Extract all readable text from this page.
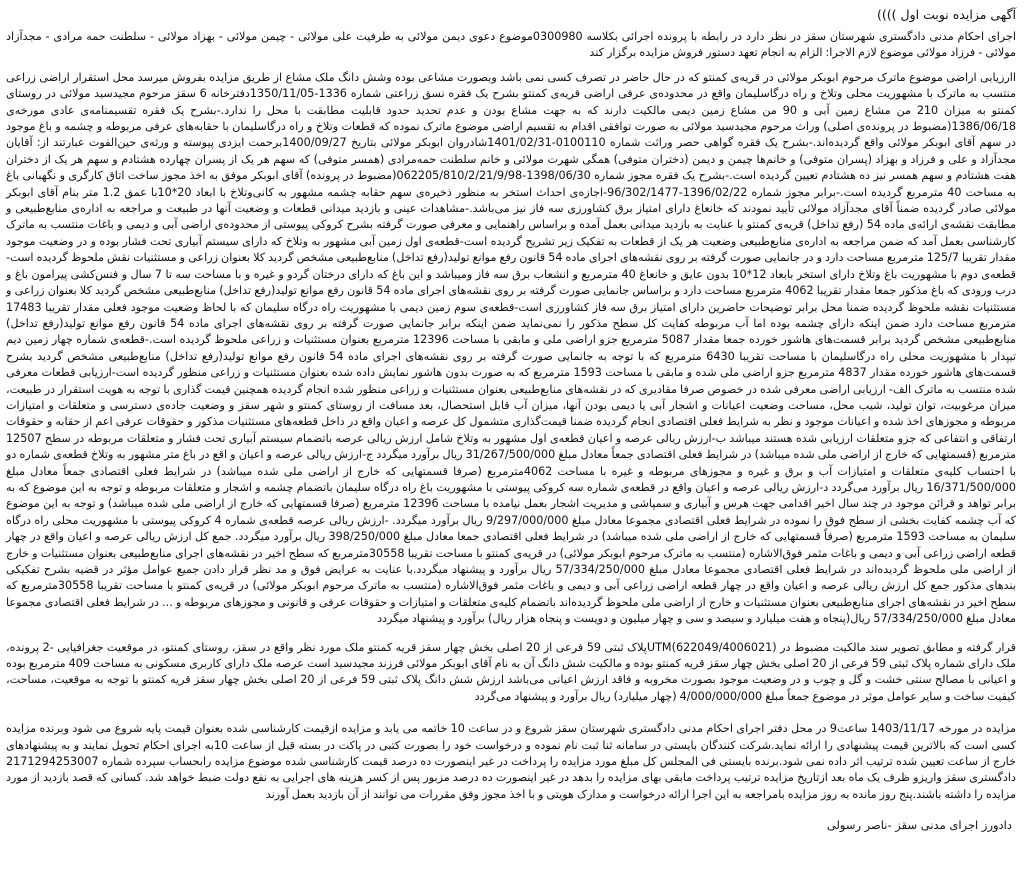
آگهی مزایده نوبت اول ))))

اجرای احکام مدنی دادگستری شهرستان سقز در نظر دارد در رابطه با پرونده اجرائی بکلاسه 0300980موضوع دعوی دیمن مولائی به طرفیت علی مولائی - چیمن مولائی - بهزاد مولائی - سلطنت حمه مرادی - مجدآزاد مولائی - فرزاد مولائی موضوع لازم الاجرا: الزام به انجام تعهد دستور فروش مزایده برگزار کند

اارزیابی اراضی موضوع ماترک مرحوم ابوبکر مولائی در قریه‌ی کمنتو که در حال حاضر در تصرف کسی نمی باشد وبصورت مشاعی بوده وشش دانگ ملک مشاع از طریق مزایده بفروش میرسد محل استقرار اراضی زراعی منتسب به ماترک با مشهوریت محلی وتلاخ و راه درگاسلیمان واقع در محدوده‌ی عرفی اراضی قریه‌ی کمنتو بشرح یک فقره نسق زراعتی شماره 1336-1350/11/05دفترخانه 6 سقز مرحوم مجیدسید مولائی در روستای کمنتو به میزان 210 من مشاع زمین آبی و 90 من مشاع زمین دیمی مالکیت دارند که به جهت مشاع بودن و عدم تحدید حدود قابلیت مطابقت با محل را ندارد.-بشرح یک فقره تقسیمنامه‌ی عادی مورخه‌ی 1386/06/18(مضبوط در پرونده‌ی اصلی) وراث مرحوم مجیدسید مولائی به صورت توافقی اقدام به تقسیم اراضی موضوع ماترک نموده که قطعات وتلاخ و راه درگاسلیمان با حقابه‌های عرفی مربوطه و چشمه و باغ موجود در سهم آقای ابوبکر مولائی واقع گردیده‌اند.-بشرح یک فقره گواهی حصر وراثت شماره 0100110-1401/02/31شادروان ابوبکر مولائی بتاریخ 1400/09/27برحمت ایزدی پیوسته و ورثه‌ی حین‌الفوت عبارتند از: آقایان مجدآزاد و علی و فرزاد و بهزاد (پسران متوفی) و خانم‌ها چیمن و دیمن (دختران متوفی) همگی شهرت مولائی و خانم سلطنت حمه‌مرادی (همسر متوفی) که سهم هر یک از پسران چهارده هشتادم و سهم هر یک از دختران هفت هشتادم و سهم همسر نیز ده هشتادم تعیین گردیده است.-بشرح یک فقره مجوز شماره 1398/06/30-062205/810/2/21/9/98(مضبوط در پرونده) آقای ابوبکر موفق به اخذ مجوز ساخت اتاق کارگری و نگهبانی باغ به مساحت 40 مترمربع گردیده است.-برابر مجوز شماره 1396/02/22-96/302/1477-اجازه‌ی احداث استخر به منظور ذخیره‌ی سهم حقابه چشمه مشهور به کانی‌وتلاخ با ابعاد 20*10با عمق 1.2 متر بنام آقای ابوبکر مولائی صادر گردیده ضمناً آقای مجدآزاد مولائی تأیید نمودند که خانعاغ دارای امتیاز برق کشاورزی سه فاز نیز می‌باشد.-مشاهدات عینی و بازدید میدانی قطعات و وضعیت آنها در طبیعت و مراجعه به اداره‌ی منابع‌طبیعی و مطابقت نقشه‌ی ارائه‌ی ماده 54 (رفع تداخل) قریه‌ی کمنتو با عنایت به بازدید میدانی بعمل آمده و براساس راهنمایی و معرفی صورت گرفته بشرح کروکی پیوستی از محدوده‌ی اراضی آبی و دیمی و باغات منتسب به ماترک کارشناسی بعمل آمد که ضمن مراجعه به اداره‌ی منابع‌طبیعی وضعیت هر یک از قطعات به تفکیک زیر تشریح گردیده است-قطعه‌ی اول زمین آبی مشهور به وتلاخ که دارای سیستم آبیاری تحت فشار بوده و در وضعیت موجود مقدار تقریبا 125/7 مترمربع مساحت دارد و در جانمایی صورت گرفته بر روی نقشه‌های اجرای ماده 54 قانون رفع موانع تولید(رفع تداخل) منابع‌طبیعی مشخص گردید کلا بعنوان زراعی و مستثنیات نقش ملحوظ گردیده است-قطعه‌ی دوم با مشهوریت باغ وتلاخ دارای استخر بابعاد 12*10 بدون عایق و خانعاغ 40 مترمربع و انشعاب برق سه فاز ومیباشد و این باغ که دارای درختان گردو و غیره و با مساحت سه تا 7 سال و فنس‌کشی پیرامون باغ و درب ورودی که باغ مذکور جمعا مقدار تقریبا 4062 مترمربع مساحت دارد و براساس جانمایی صورت گرفته بر روی نقشه‌های اجرای ماده 54 قانون رفع موانع تولید(رفع تداخل) منابع‌طبیعی مشخص گردید کلا بعنوان زراعی و مستثنیات نقشه ملحوظ گردیده ضمنا محل برابر توضیحات حاضرین دارای امتیاز برق سه فاز کشاورزی است-قطعه‌ی سوم زمین دیمی با مشهوریت راه درگاه سلیمان که با لحاظ وضعیت موجود فعلی مقدار تقریبا 17483 مترمربع مساحت دارد ضمن اینکه دارای چشمه بوده اما آب مربوطه کفایت کل سطح مذکور را نمی‌نماید ضمن اینکه برابر جانمایی صورت گرفته بر روی نقشه‌های اجرای ماده 54 قانون رفع موانع تولید(رفع تداخل) منابع‌طبیعی مشخص گردید برابر قسمت‌های هاشور خورده جمعا مقدار 5087 مترمربع جزو اراضی ملی و مابقی با مساحت 12396 مترمربع بعنوان مستثنیات و زراعی ملحوظ گردیده است.-قطعه‌ی شماره چهار زمین دیم تیپدار با مشهوریت محلی راه درگاسلیمان با مساحت تقریبا 6430 مترمربع که با توجه به جانمایی صورت گرفته بر روی نقشه‌های اجرای ماده 54 قانون رفع موانع تولید(رفع تداخل) منابع‌طبیعی مشخص گردید بشرح قسمت‌های هاشور خورده مقدار 4837 مترمربع جزو اراضی ملی شده و مابقی با مساحت 1593 مترمربع که به صورت بدون هاشور نمایش داده شده بعنوان مستثنیات و زراعی منظور گردیده است-ارزیابی قطعات معرفی شده منتسب به ماترک الف- ارزیابی اراضی معرفی شده در خصوص صرفا مقادیری که در نقشه‌های منابع‌طبیعی بعنوان مستثنیات و زراعی منظور شده انجام گردیده همچنین قیمت گذاری با توجه به هویت استقرار در طبیعت، میزان مرغوبیت، توان تولید، شیب محل، مساحت وضعیت اعیانات و اشجار آبی یا دیمی بودن آنها، میزان آب قابل استحصال، بعد مسافت از روستای کمنتو و شهر سقز و وضعیت جاده‌ی دسترسی و متعلقات و امتیازات مربوطه و مجوزهای اخذ شده و اعیانات موجود و نظر به شرایط فعلی اقتصادی انجام گردیده ضمنا قیمت‌گذاری متشمول کل عرصه و اعیان واقع در داخل قطعه‌های مستثنیات مذکور و حقوقات عرفی اعم از حقابه و حقوقات ارتفاقی و انتفاعی که جزو متعلقات ارزیابی شده هستند میباشد ب-ارزش ریالی عرصه و اعیان قطعه‌ی اول مشهور به وتلاخ شامل ارزش ریالی عرصه باتضمام سیستم آبیاری تحت فشار و متعلقات مربوطه در سطح 12507 مترمربع (قسمتهایی که خارج از اراضی ملی شده میباشد) در شرایط فعلی اقتصادی جمعاً معادل مبلغ 31/267/500/000 ریال برآورد میگردد ج-ارزش ریالی عرصه و اعیان و اقع در باغ متر مشهور به وتلاخ قطعه‌ی شماره دو با احتساب کلیه‌ی متعلقات و امتیازات آب و برق و غیره و مجوزهای مربوطه و غیره با مساحت 4062مترمربع (صرفا قسمتهایی که خارج از اراضی ملی شده میباشد) در شرایط فعلی اقتصادی جمعاً معادل مبلغ 16/371/500/000 ریال برآورد می‌گردد د-ارزش ریالی عرصه و اعیان واقع در قطعه‌ی شماره سه کروکی پیوستی با مشهوریت باغ راه درگاه سلیمان باتضمام چشمه و اشجار و متعلقات مربوطه و توجه به این موضوع که به برابر تواهد و قرائن موجود در چند سال اخیر اقدامی جهت هرس و آبیاری و سمپاشی و مدیریت اشجار بعمل نیامده با مساحت 12396 مترمربع (صرفا قسمتهایی که خارج از اراضی ملی شده میباشد) و توجه به این موضوع که آب چشمه کفایت بخشی از سطح فوق را نموده در شرایط فعلی اقتصادی مجموعا معادل مبلغ 9/297/000/000 ریال برآورد میگردد. -ارزش ریالی عرصه قطعه‌ی شماره 4 کروکی پیوستی با مشهوریت محلی راه درگاه سلیمان به مساحت 1593 مترمربع (صرفاً قسمتهایی که خارج از اراضی ملی شده میباشد) در شرایط فعلی اقتصادی جمعا معادل مبلغ 398/250/000 ریال برآورد میگردد. جمع کل ارزش ریالی عرصه و اعیان واقع در چهار قطعه اراضی زراعی آبی و دیمی و باغات مثمر فوق‌الاشاره (منتسب به ماترک مرحوم ابوبکر مولائی) در قریه‌ی کمنتو با مساحت تقریبا 30558مترمربع که سطح اخیر در نقشه‌های اجرای منابع‌طبیعی بعنوان مستثنیات و خارج از اراضی ملی ملحوظ گردیده‌اند در شرایط فعلی اقتصادی مجموعا معادل مبلغ 57/334/250/000 ریال برآورد و پیشنهاد میگردد.با عنایت به عرایض فوق و مد نظر قرار دادن جمیع عوامل مؤثر در قضیه بشرح تفکیکی بندهای مذکور جمع کل ارزش ریالی عرصه و اعیان واقع در چهار قطعه اراضی زراعی آبی و دیمی و باغات مثمر فوق‌الاشاره (منتسب به ماترک مرحوم ابوبکر مولائی) در قریه‌ی کمنتو با مساحت تقریبا 30558مترمربع که سطح اخیر در نقشه‌های اجرای منابع‌طبیعی بعنوان مستثنیات و خارج از اراضی ملی ملحوظ گردیده‌اند باتضمام کلیه‌ی متعلقات و امتیازات و حقوقات عرفی و قانونی و مجوزهای مربوطه و ... در شرایط فعلی اقتصادی مجموعا معادل مبلغ 57/334/250/000 ریال(پنجاه و هفت میلیارد و سیصد و سی و چهار میلیون و دویست و پنجاه هزار ریال) برآورد و پیشنهاد میگردد

قرار گرفته و مطابق تصویر سند مالکیت مضبوط در (622049/4006021)UTMپلاک ثبتی 59 فرعی از 20 اصلی بخش چهار سقز قریه کمنتو ملک مورد نظر واقع در سقز، روستای کمنتو، در موقعیت جغرافیایی -2 پرونده، ملک دارای شماره پلاک ثبتی 59 فرعی از 20 اصلی بخش چهار سقز قریه کمنتو بوده و مالکیت شش دانگ آن به نام آقای ابوبکر مولائی فرزند مجیدسید است عرصه ملک دارای کاربری مسکونی به مساحت 409 مترمربع بوده و اعیانی با مصالح سنتی خشت و گل و چوب و در وضعیت موجود بصورت مخروبه و فاقد ارزش اعیانی می‌باشد ارزش شش دانگ پلاک ثبتی 59 فرعی از 20 اصلی بخش چهار سقز قریه کمنتو با توجه به موقعیت، مساحت، کیفیت ساخت و سایر عوامل موثر در موضوع جمعاً مبلغ 4/000/000/000 (چهار میلیارد) ریال برآورد و پیشنهاد می‌گردد

مزایده در مورخه 1403/11/17 ساعت9 در محل دفتر اجرای احکام مدنی دادگستری شهرستان سقز شروع و در ساعت 10 خاتمه می یابد و مزایده ازقیمت کارشناسی شده بعنوان قیمت پایه شروع می شود وبرنده مزایده کسی است که بالاترین قیمت پیشنهادی را ارائه نماید.شرکت کنندگان بایستی در سامانه ثنا ثبت نام نموده و درخواست خود را بصورت کتبی در پاکت در بسته قبل از ساعت 10به اجرای احکام تحویل نمایند و به پیشنهادهای خارج از ساعت تعیین شده ترتیب اثر داده نمی شود.برنده بایستی فی المجلس کل مبلغ مورد مزایده را پرداخت در غیر اینصورت ده درصد قیمت کارشناسی شده موضوع مزایده رابحساب سپرده شماره 2171294253007 دادگستری سقز واریزو ظرف یک ماه بعد ازتاریخ مزایده ترتیب پرداخت مابقی بهای مزایده را بدهد در غیر اینصورت ده درصد مزبور پس از کسر هزینه های اجرایی به نفع دولت ضبط خواهد شد. کسانی که قصد بازدید از مورد مزایده را داشته باشند.پنج روز مانده به روز مزایده بامراجعه به این اجرا ارائه درخواست و مدارک هویتی و با اخذ مجوز وفق مقررات می توانند از آن بازدید بعمل آورند

دادورز اجرای مدنی سقز -ناصر رسولی
